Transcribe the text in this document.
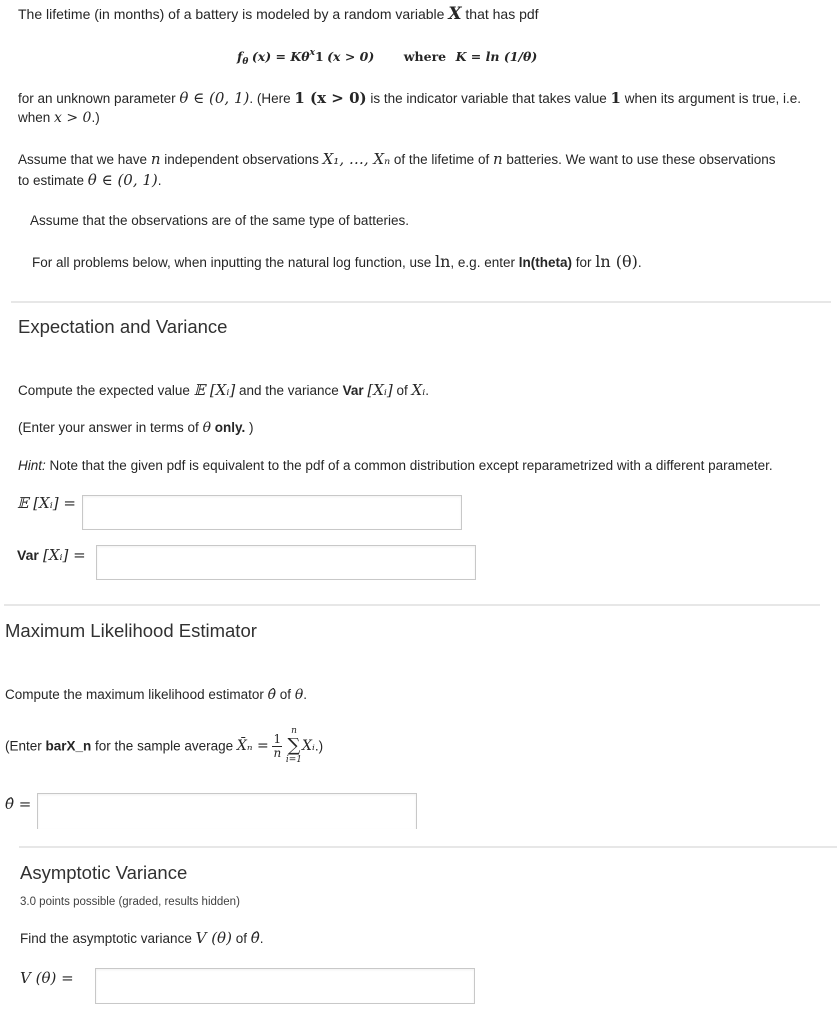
The lifetime (in months) of a battery is modeled by a random variable X that has pdf
$f_\theta$ $(x) = K\theta^x1$ (x > 0) where K = ln (1/θ)
for an unknown parameter θ ∈ (0, 1). (Here 1 (x > 0) is the indicator variable that takes value 1 when its argument is true, i.e.
when x > 0.)
Assume that we have n independent observations X₁, …, Xₙ of the lifetime of n batteries. We want to use these observations
to estimate θ ∈ (0, 1).
Assume that the observations are of the same type of batteries.
For all problems below, when inputting the natural log function, use ln, e.g. enter ln(theta) for ln (θ).
Expectation and Variance
Compute the expected value 𝔼 [Xᵢ] and the variance Var [Xᵢ] of Xᵢ.
(Enter your answer in terms of θ only. )
Hint: Note that the given pdf is equivalent to the pdf of a common distribution except reparametrized with a different parameter.
𝔼 [Xᵢ] =
Var [Xᵢ] =
Maximum Likelihood Estimator
Compute the maximum likelihood estimator θ̂ of θ.
(Enter barX_n for the sample average X̄ₙ = $\frac{1}{n}$

n
∑
i=1
Xᵢ.)
θ̂ =
Asymptotic Variance
3.0 points possible (graded, results hidden)
Find the asymptotic variance V (θ) of θ̂.
V (θ) =
